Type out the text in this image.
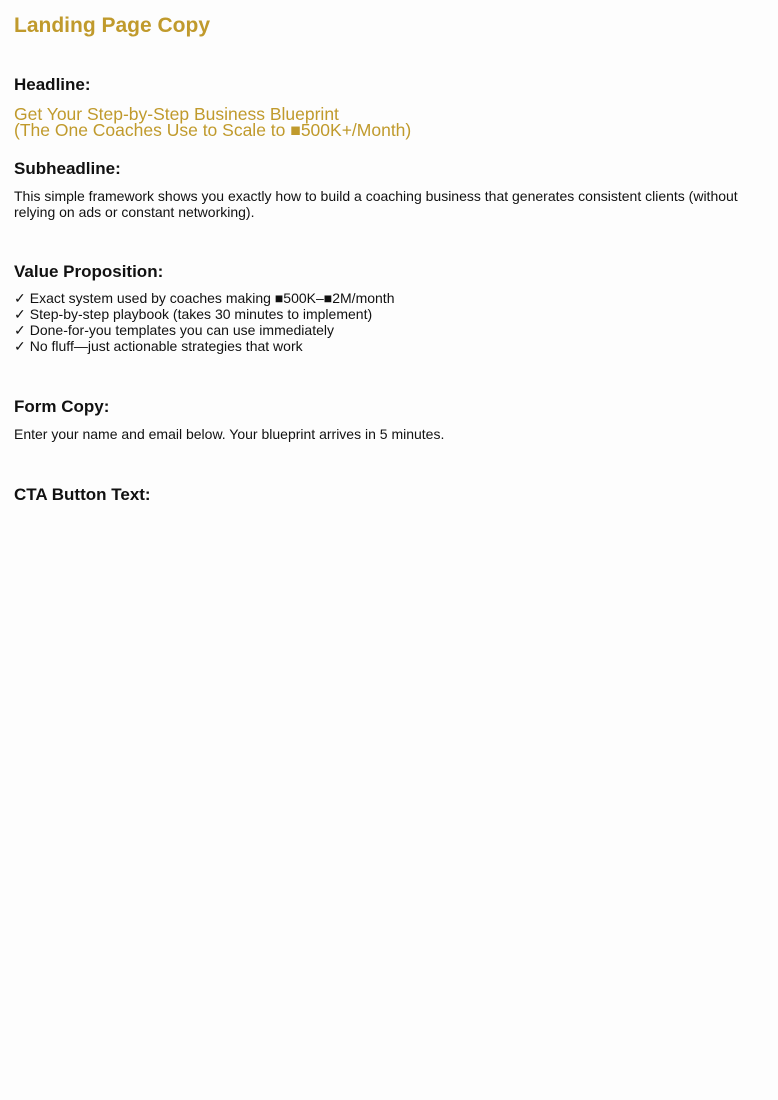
Landing Page Copy
Headline:
Get Your Step-by-Step Business Blueprint
(The One Coaches Use to Scale to ■500K+/Month)
Subheadline:
This simple framework shows you exactly how to build a coaching business that generates consistent clients (without relying on ads or constant networking).
Value Proposition:
✓ Exact system used by coaches making ■500K–■2M/month
✓ Step-by-step playbook (takes 30 minutes to implement)
✓ Done-for-you templates you can use immediately
✓ No fluff—just actionable strategies that work
Form Copy:
Enter your name and email below. Your blueprint arrives in 5 minutes.
CTA Button Text:
